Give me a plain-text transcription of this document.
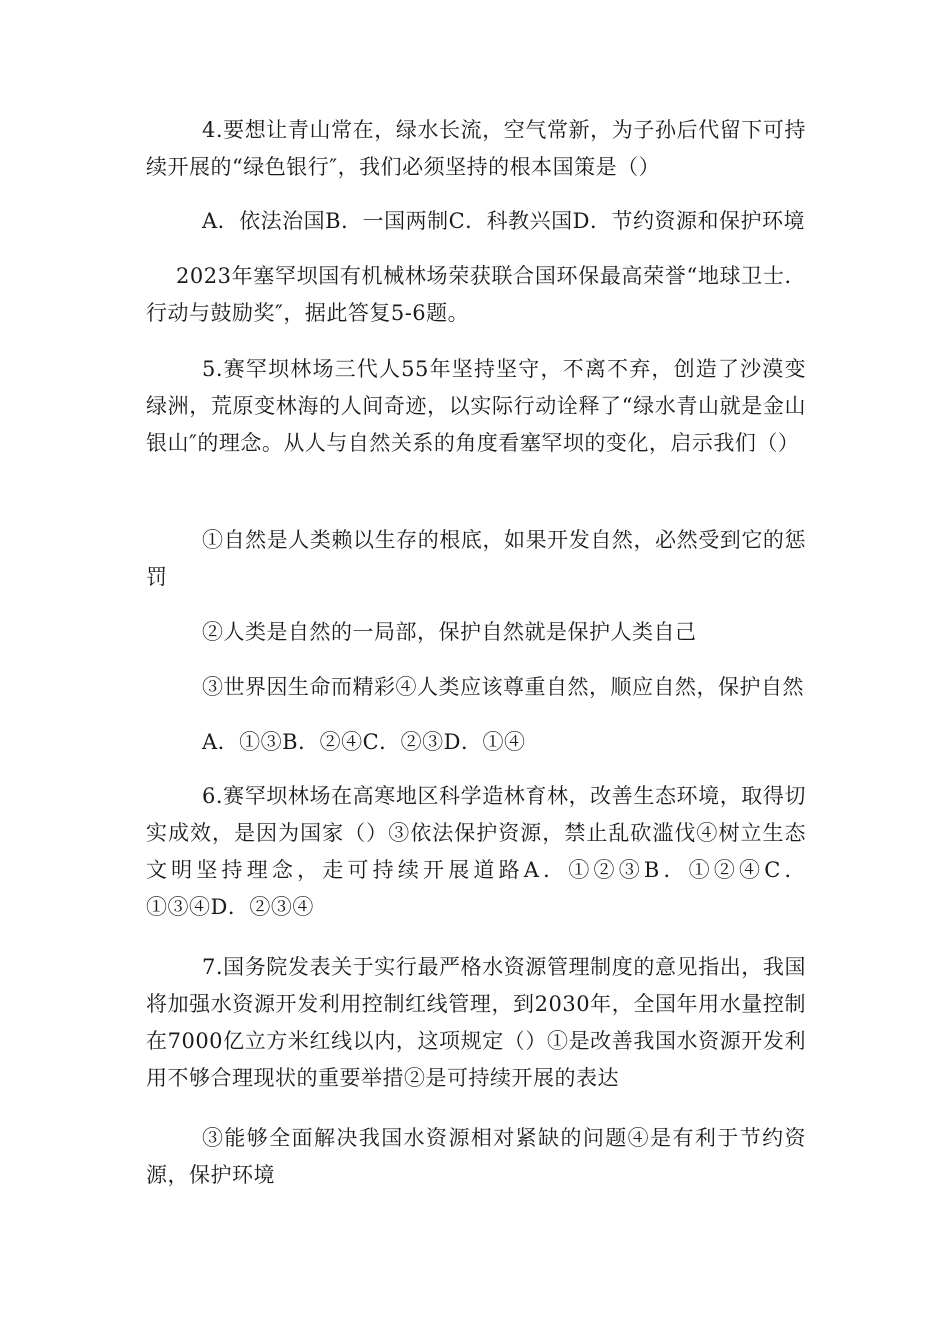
4.要想让青山常在，绿水长流，空气常新，为子孙后代留下可持续开展的“绿色银行″，我们必须坚持的根本国策是（）

A．依法治国B．一国两制C．科教兴国D．节约资源和保护环境

2023年塞罕坝国有机械林场荣获联合国环保最高荣誉“地球卫士．行动与鼓励奖″，据此答复5-6题。

5.赛罕坝林场三代人55年坚持坚守，不离不弃，创造了沙漠变绿洲，荒原变林海的人间奇迹，以实际行动诠释了“绿水青山就是金山银山″的理念。从人与自然关系的角度看塞罕坝的变化，启示我们（）

①自然是人类赖以生存的根底，如果开发自然，必然受到它的惩罚

②人类是自然的一局部，保护自然就是保护人类自己

③世界因生命而精彩④人类应该尊重自然，顺应自然，保护自然

A．①③B．②④C．②③D．①④

6.赛罕坝林场在高寒地区科学造林育林，改善生态环境，取得切实成效，是因为国家（）③依法保护资源，禁止乱砍滥伐④树立生态文明坚持理念，走可持续开展道路A．①②③B．①②④C．①③④D．②③④

7.国务院发表关于实行最严格水资源管理制度的意见指出，我国将加强水资源开发利用控制红线管理，到2030年，全国年用水量控制在7000亿立方米红线以内，这项规定（）①是改善我国水资源开发利用不够合理现状的重要举措②是可持续开展的表达

③能够全面解决我国水资源相对紧缺的问题④是有利于节约资源，保护环境
